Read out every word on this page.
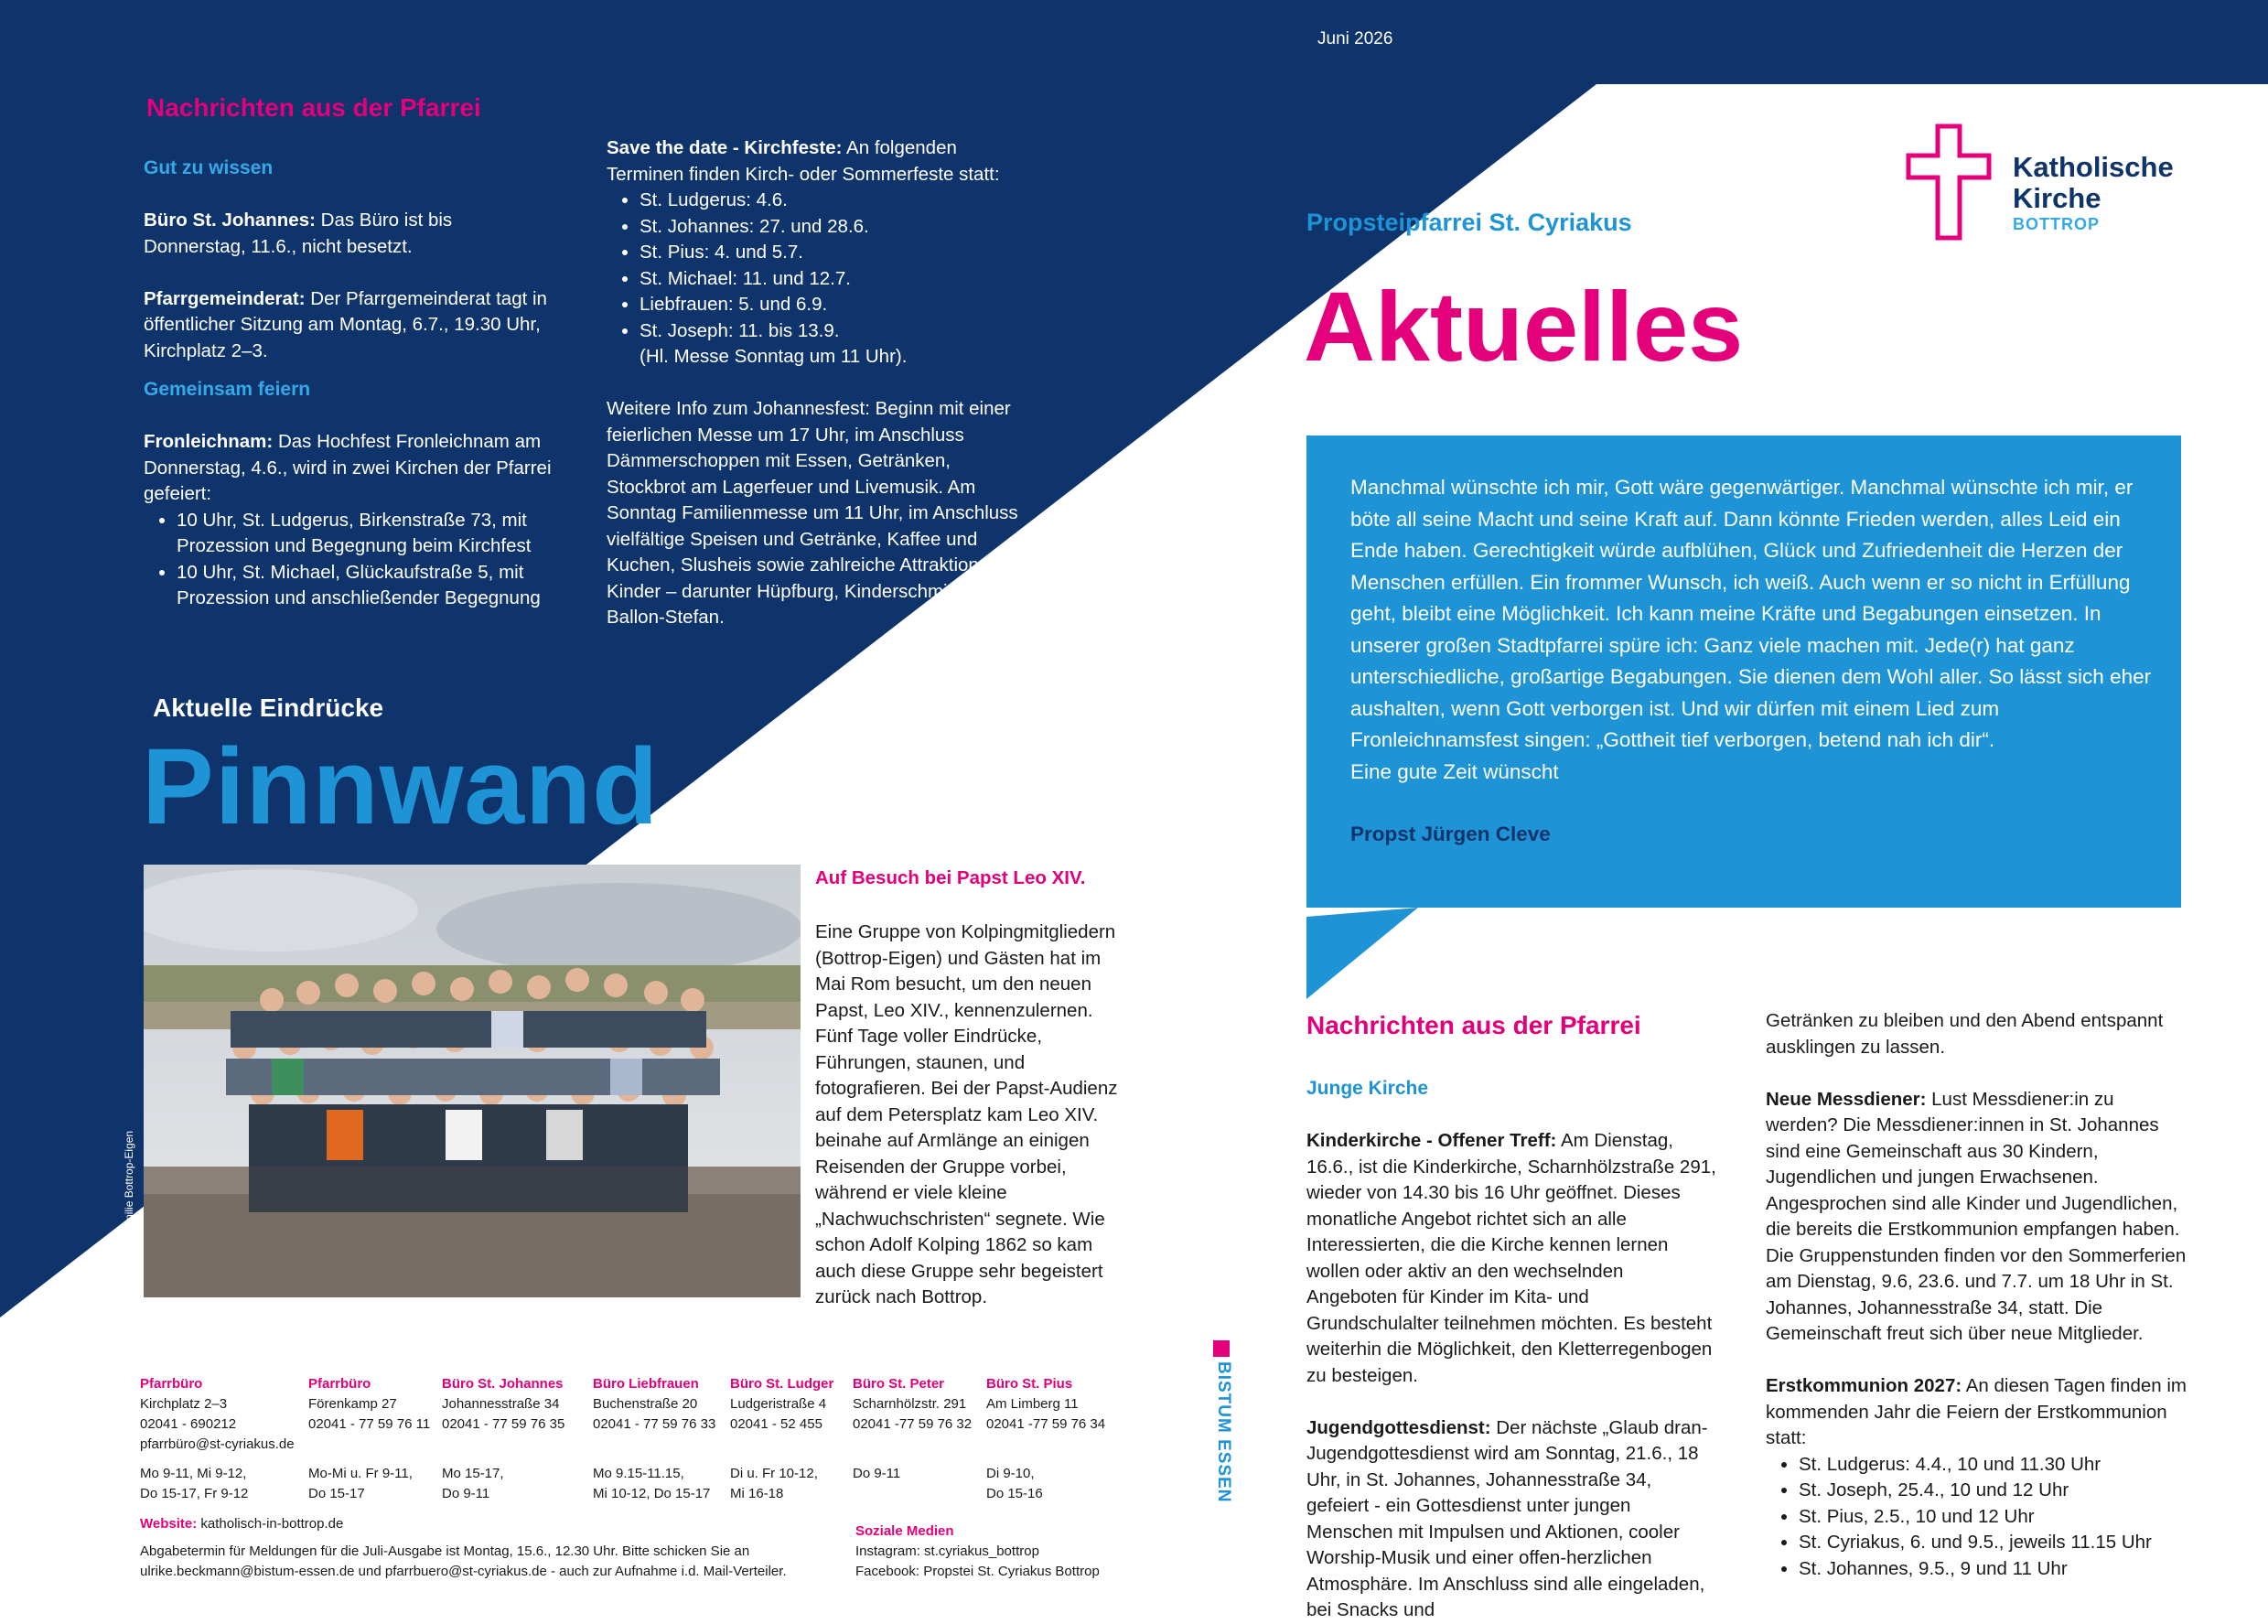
Juni 2026
Katholische
Kirche
BOTTROP
Nachrichten aus der Pfarrei

Gut zu wissen

Büro St. Johannes: Das Büro ist bis Donnerstag, 11.6., nicht besetzt.

Pfarrgemeinderat: Der Pfarrgemeinderat tagt in öffentlicher Sitzung am Montag, 6.7., 19.30 Uhr, Kirchplatz 2–3.

Gemeinsam feiern

Fronleichnam: Das Hochfest Fronleichnam am Donnerstag, 4.6., wird in zwei Kirchen der Pfarrei gefeiert:

• 10 Uhr, St. Ludgerus, Birkenstraße 73, mit Prozession und Begegnung beim Kirchfest
• 10 Uhr, St. Michael, Glückaufstraße 5, mit Prozession und anschließender Begegnung

Save the date - Kirchfeste: An folgenden Terminen finden Kirch- oder Sommerfeste statt:

• St. Ludgerus: 4.6.
• St. Johannes: 27. und 28.6.
• St. Pius: 4. und 5.7.
• St. Michael: 11. und 12.7.
• Liebfrauen: 5. und 6.9.
• St. Joseph: 11. bis 13.9.

(Hl. Messe Sonntag um 11 Uhr).

Weitere Info zum Johannesfest: Beginn mit einer feierlichen Messe um 17 Uhr, im Anschluss Dämmerschoppen mit Essen, Getränken, Stockbrot am Lagerfeuer und Livemusik. Am Sonntag Familienmesse um 11 Uhr, im Anschluss vielfältige Speisen und Getränke, Kaffee und Kuchen, Slusheis sowie zahlreiche Attraktionen für Kinder – darunter Hüpfburg, Kinderschminken und Ballon-Stefan.

Aktuelle Eindrücke
Pinnwand
Foto: Kolpingfamilie Bottrop-Eigen
Auf Besuch bei Papst Leo XIV.
Eine Gruppe von Kolpingmitgliedern (Bottrop-Eigen) und Gästen hat im Mai Rom besucht, um den neuen Papst, Leo XIV., kennenzulernen. Fünf Tage voller Eindrücke, Führungen, staunen, und fotografieren. Bei der Papst-Audienz auf dem Petersplatz kam Leo XIV. beinahe auf Armlänge an einigen Reisenden der Gruppe vorbei, während er viele kleine „Nachwuchschristen“ segnete. Wie schon Adolf Kolping 1862 so kam auch diese Gruppe sehr begeistert zurück nach Bottrop.
Pfarrbüro
Kirchplatz 2–3
02041 - 690212
pfarrbüro@st-cyriakus.de
Mo 9-11, Mi 9-12,
Do 15-17, Fr 9-12
Pfarrbüro
Förenkamp 27
02041 - 77 59 76 11
Mo-Mi u. Fr 9-11,
Do 15-17
Büro St. Johannes
Johannesstraße 34
02041 - 77 59 76 35
Mo 15-17,
Do 9-11
Büro Liebfrauen
Buchenstraße 20
02041 - 77 59 76 33
Mo 9.15-11.15,
Mi 10-12, Do 15-17
Büro St. Ludger
Ludgeristraße 4
02041 - 52 455
Di u. Fr 10-12,
Mi 16-18
Büro St. Peter
Scharnhölzstr. 291
02041 -77 59 76 32
Do 9-11
Büro St. Pius
Am Limberg 11
02041 -77 59 76 34
Di 9-10,
Do 15-16
Website: katholisch-in-bottrop.de
Abgabetermin für Meldungen für die Juli-Ausgabe ist Montag, 15.6., 12.30 Uhr. Bitte schicken Sie an ulrike.beckmann@bistum-essen.de und pfarrbuero@st-cyriakus.de - auch zur Aufnahme i.d. Mail-Verteiler.
Soziale Medien
Instagram: st.cyriakus_bottrop
Facebook: Propstei St. Cyriakus Bottrop
BISTUM ESSEN
Propsteipfarrei St. Cyriakus
Aktuelles
Manchmal wünschte ich mir, Gott wäre gegenwärtiger. Manchmal wünschte ich mir, er böte all seine Macht und seine Kraft auf. Dann könnte Frieden werden, alles Leid ein Ende haben. Gerechtigkeit würde aufblühen, Glück und Zufriedenheit die Herzen der Menschen erfüllen. Ein frommer Wunsch, ich weiß. Auch wenn er so nicht in Erfüllung geht, bleibt eine Möglichkeit. Ich kann meine Kräfte und Begabungen einsetzen. In unserer großen Stadtpfarrei spüre ich: Ganz viele machen mit. Jede(r) hat ganz unterschiedliche, großartige Begabungen. Sie dienen dem Wohl aller. So lässt sich eher aushalten, wenn Gott verborgen ist. Und wir dürfen mit einem Lied zum Fronleichnamsfest singen: „Gottheit tief verborgen, betend nah ich dir“.
Eine gute Zeit wünscht
Propst Jürgen Cleve
Nachrichten aus der Pfarrei

Junge Kirche

Kinderkirche - Offener Treff: Am Dienstag, 16.6., ist die Kinderkirche, Scharnhölzstraße 291, wieder von 14.30 bis 16 Uhr geöffnet. Dieses monatliche Angebot richtet sich an alle Interessierten, die die Kirche kennen lernen wollen oder aktiv an den wechselnden Angeboten für Kinder im Kita- und Grundschulalter teilnehmen möchten. Es besteht weiterhin die Möglichkeit, den Kletterregenbogen zu besteigen.

Jugendgottesdienst: Der nächste „Glaub dran-Jugendgottesdienst wird am Sonntag, 21.6., 18 Uhr, in St. Johannes, Johannesstraße 34, gefeiert - ein Gottesdienst unter jungen Menschen mit Impulsen und Aktionen, cooler Worship-Musik und einer offen-herzlichen Atmosphäre. Im Anschluss sind alle eingeladen, bei Snacks und

Getränken zu bleiben und den Abend entspannt ausklingen zu lassen.

Neue Messdiener: Lust Messdiener:in zu werden? Die Messdiener:innen in St. Johannes sind eine Gemeinschaft aus 30 Kindern, Jugendlichen und jungen Erwachsenen. Angesprochen sind alle Kinder und Jugendlichen, die bereits die Erstkommunion empfangen haben. Die Gruppenstunden finden vor den Sommerferien am Dienstag, 9.6, 23.6. und 7.7. um 18 Uhr in St. Johannes, Johannesstraße 34, statt. Die Gemeinschaft freut sich über neue Mitglieder.

Erstkommunion 2027: An diesen Tagen finden im kommenden Jahr die Feiern der Erstkommunion statt:

• St. Ludgerus: 4.4., 10 und 11.30 Uhr
• St. Joseph, 25.4., 10 und 12 Uhr
• St. Pius, 2.5., 10 und 12 Uhr
• St. Cyriakus, 6. und 9.5., jeweils 11.15 Uhr
• St. Johannes, 9.5., 9 und 11 Uhr
